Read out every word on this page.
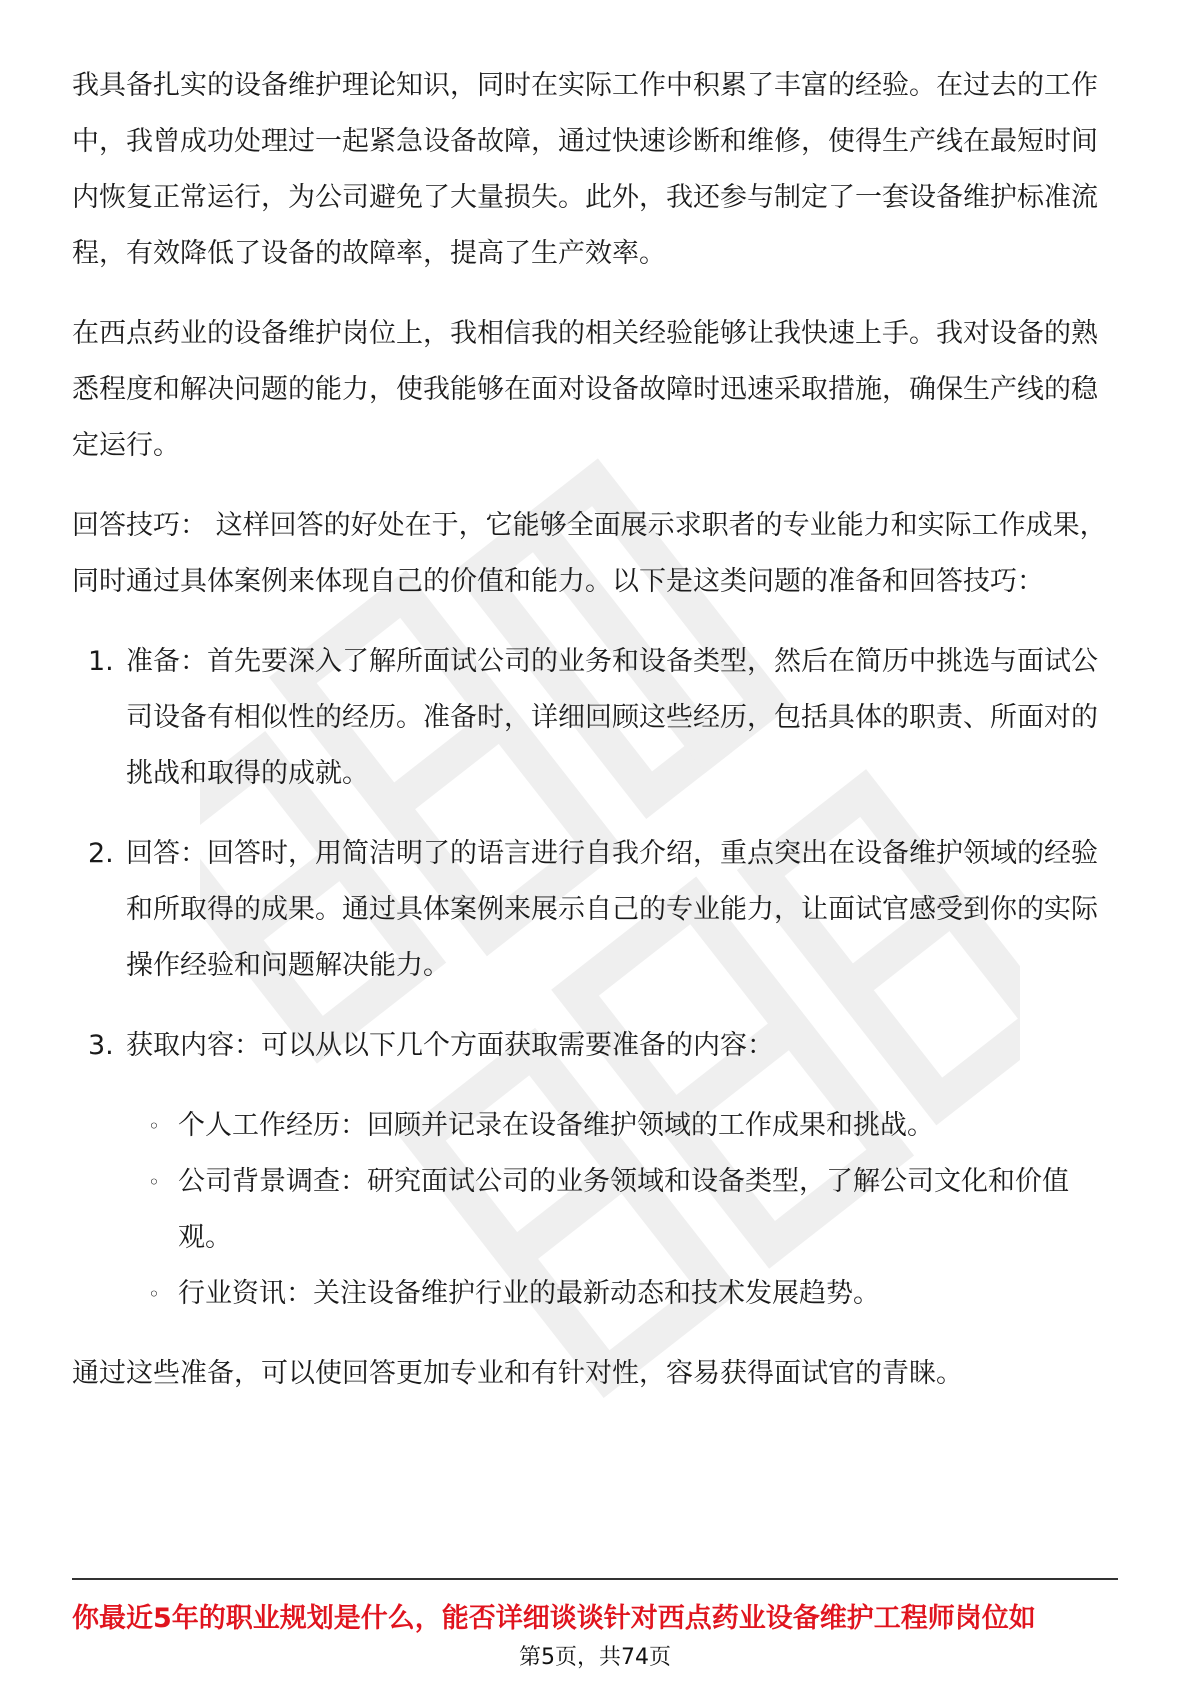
我具备扎实的设备维护理论知识，同时在实际工作中积累了丰富的经验。在过去的工作中，我曾成功处理过一起紧急设备故障，通过快速诊断和维修，使得生产线在最短时间内恢复正常运行，为公司避免了大量损失。此外，我还参与制定了一套设备维护标准流程，有效降低了设备的故障率，提高了生产效率。

在西点药业的设备维护岗位上，我相信我的相关经验能够让我快速上手。我对设备的熟悉程度和解决问题的能力，使我能够在面对设备故障时迅速采取措施，确保生产线的稳定运行。

回答技巧： 这样回答的好处在于，它能够全面展示求职者的专业能力和实际工作成果，同时通过具体案例来体现自己的价值和能力。以下是这类问题的准备和回答技巧：

1. 准备：首先要深入了解所面试公司的业务和设备类型，然后在简历中挑选与面试公司设备有相似性的经历。准备时，详细回顾这些经历，包括具体的职责、所面对的挑战和取得的成就。
2. 回答：回答时，用简洁明了的语言进行自我介绍，重点突出在设备维护领域的经验和所取得的成果。通过具体案例来展示自己的专业能力，让面试官感受到你的实际操作经验和问题解决能力。
3. 获取内容：可以从以下几个方面获取需要准备的内容：
◦ 个人工作经历：回顾并记录在设备维护领域的工作成果和挑战。
◦ 公司背景调查：研究面试公司的业务领域和设备类型，了解公司文化和价值观。
◦ 行业资讯：关注设备维护行业的最新动态和技术发展趋势。

通过这些准备，可以使回答更加专业和有针对性，容易获得面试官的青睐。

你最近5年的职业规划是什么，能否详细谈谈针对西点药业设备维护工程师岗位如
第5页，共74页
